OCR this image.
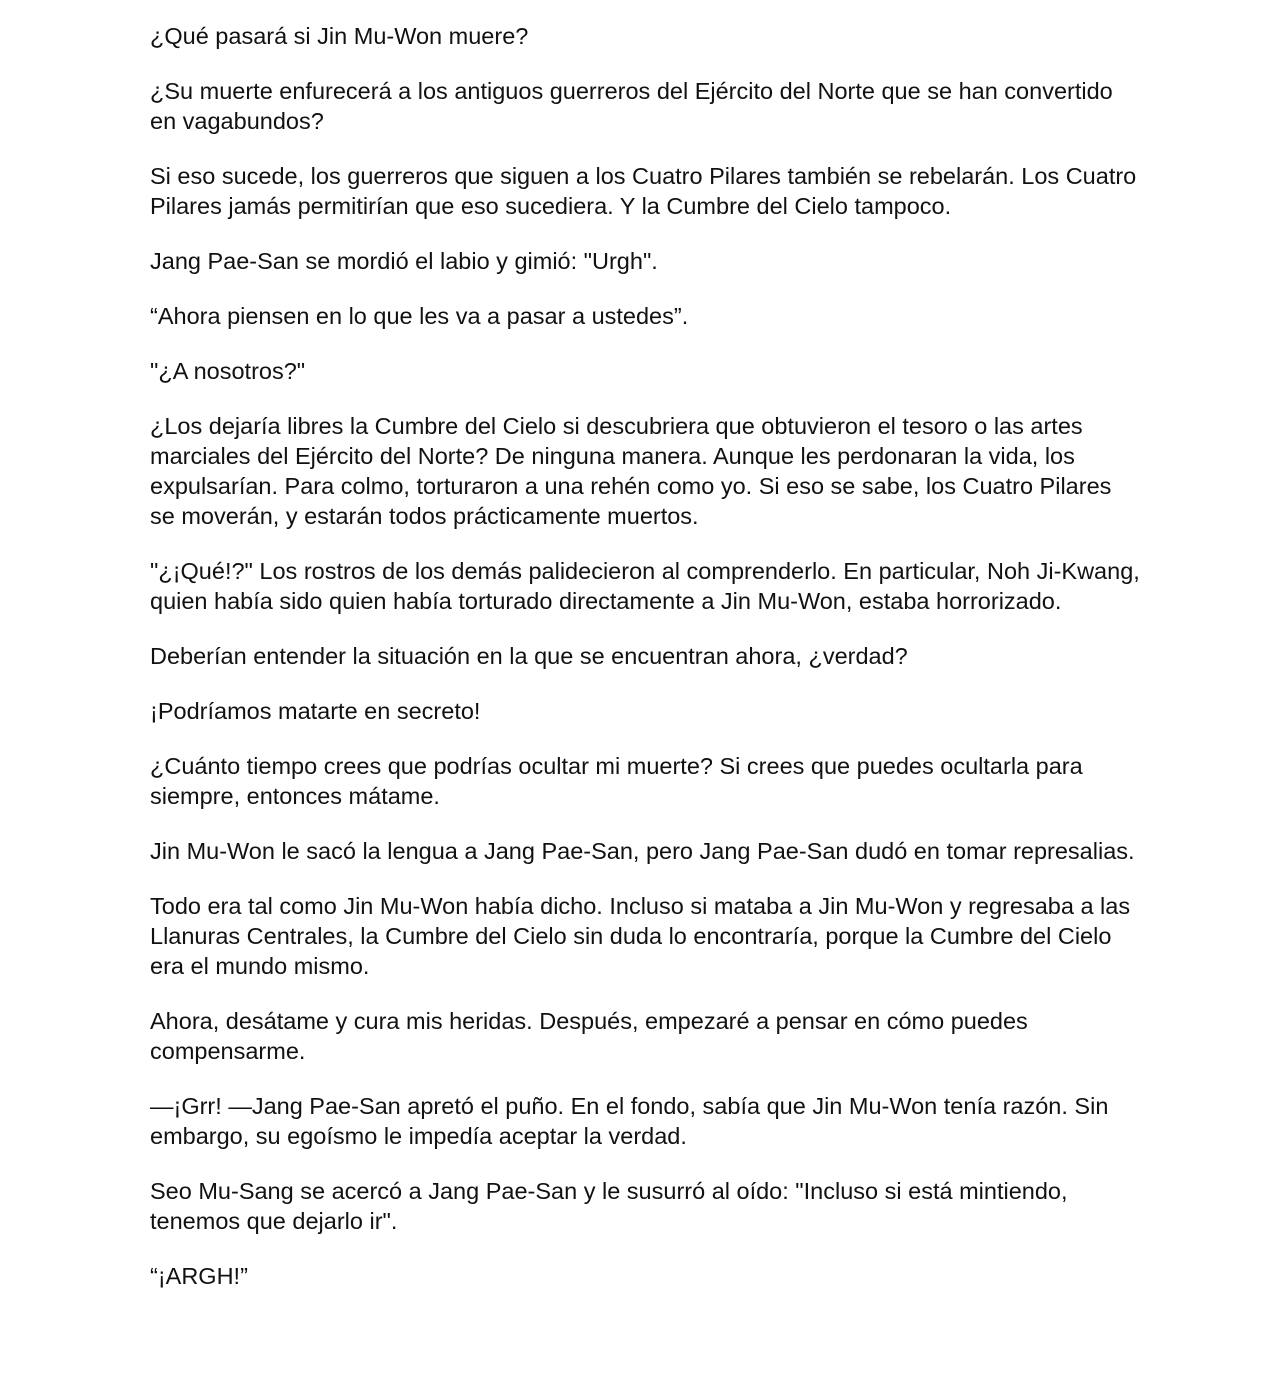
¿Qué pasará si Jin Mu-Won muere?

¿Su muerte enfurecerá a los antiguos guerreros del Ejército del Norte que se han convertido en vagabundos?

Si eso sucede, los guerreros que siguen a los Cuatro Pilares también se rebelarán. Los Cuatro Pilares jamás permitirían que eso sucediera. Y la Cumbre del Cielo tampoco.

Jang Pae-San se mordió el labio y gimió: "Urgh".

“Ahora piensen en lo que les va a pasar a ustedes”.

"¿A nosotros?"

¿Los dejaría libres la Cumbre del Cielo si descubriera que obtuvieron el tesoro o las artes marciales del Ejército del Norte? De ninguna manera. Aunque les perdonaran la vida, los expulsarían. Para colmo, torturaron a una rehén como yo. Si eso se sabe, los Cuatro Pilares se moverán, y estarán todos prácticamente muertos.

"¿¡Qué!?" Los rostros de los demás palidecieron al comprenderlo. En particular, Noh Ji-Kwang, quien había sido quien había torturado directamente a Jin Mu-Won, estaba horrorizado.

Deberían entender la situación en la que se encuentran ahora, ¿verdad?

¡Podríamos matarte en secreto!

¿Cuánto tiempo crees que podrías ocultar mi muerte? Si crees que puedes ocultarla para siempre, entonces mátame.

Jin Mu-Won le sacó la lengua a Jang Pae-San, pero Jang Pae-San dudó en tomar represalias.

Todo era tal como Jin Mu-Won había dicho. Incluso si mataba a Jin Mu-Won y regresaba a las Llanuras Centrales, la Cumbre del Cielo sin duda lo encontraría, porque la Cumbre del Cielo era el mundo mismo.

Ahora, desátame y cura mis heridas. Después, empezaré a pensar en cómo puedes compensarme.

—¡Grr! —Jang Pae-San apretó el puño. En el fondo, sabía que Jin Mu-Won tenía razón. Sin embargo, su egoísmo le impedía aceptar la verdad.

Seo Mu-Sang se acercó a Jang Pae-San y le susurró al oído: "Incluso si está mintiendo, tenemos que dejarlo ir".

“¡ARGH!”
